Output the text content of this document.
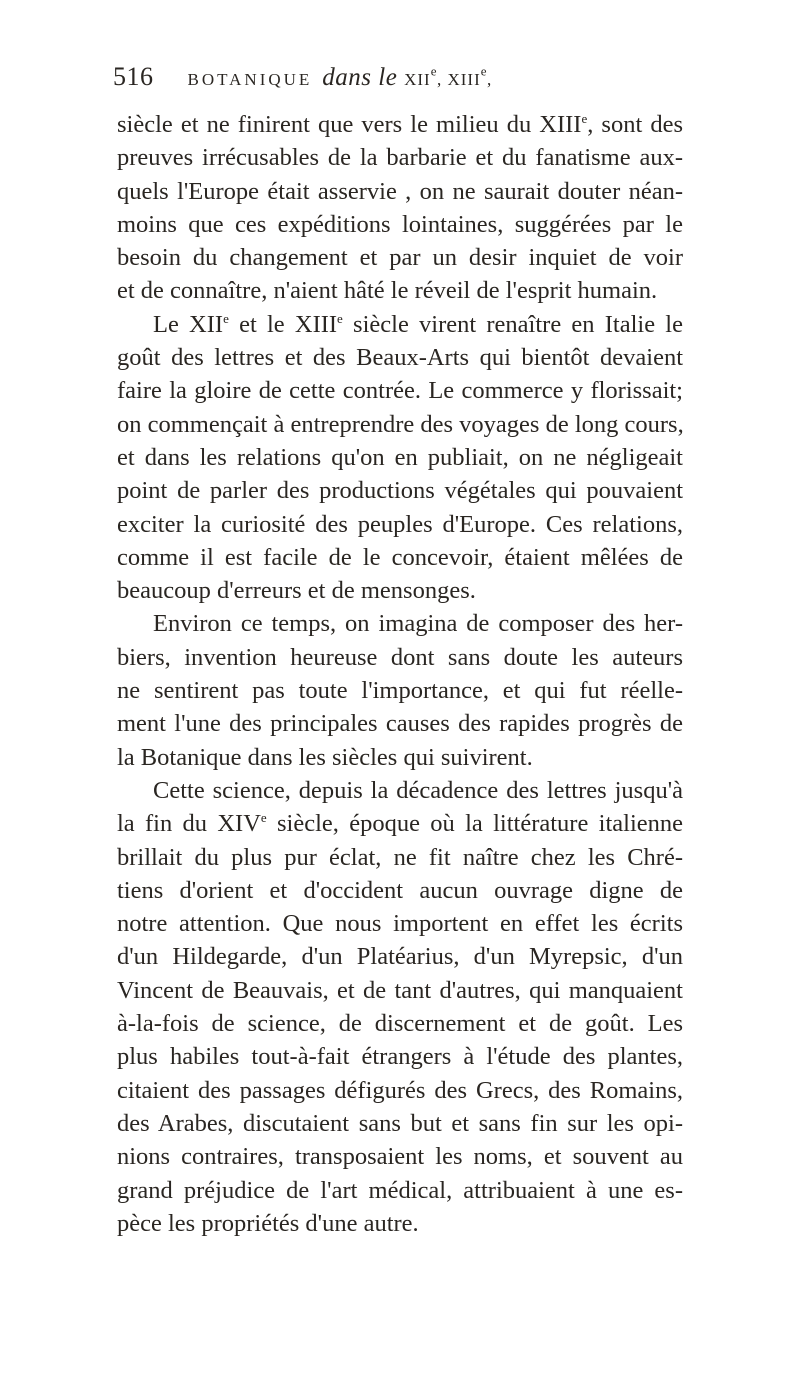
516 BOTANIQUE dans le XIIe, XIIIe,
siècle et ne finirent que vers le milieu du XIIIe, sont des
preuves irrécusables de la barbarie et du fanatisme aux-
quels l'Europe était asservie , on ne saurait douter néan-
moins que ces expéditions lointaines, suggérées par le
besoin du changement et par un desir inquiet de voir
et de connaître, n'aient hâté le réveil de l'esprit humain.
Le XIIe et le XIIIe siècle virent renaître en Italie le
goût des lettres et des Beaux-Arts qui bientôt devaient
faire la gloire de cette contrée. Le commerce y florissait;
on commençait à entreprendre des voyages de long cours,
et dans les relations qu'on en publiait, on ne négligeait
point de parler des productions végétales qui pouvaient
exciter la curiosité des peuples d'Europe. Ces relations,
comme il est facile de le concevoir, étaient mêlées de
beaucoup d'erreurs et de mensonges.
Environ ce temps, on imagina de composer des her-
biers, invention heureuse dont sans doute les auteurs
ne sentirent pas toute l'importance, et qui fut réelle-
ment l'une des principales causes des rapides progrès de
la Botanique dans les siècles qui suivirent.
Cette science, depuis la décadence des lettres jusqu'à
la fin du XIVe siècle, époque où la littérature italienne
brillait du plus pur éclat, ne fit naître chez les Chré-
tiens d'orient et d'occident aucun ouvrage digne de
notre attention. Que nous importent en effet les écrits
d'un Hildegarde, d'un Platéarius, d'un Myrepsic, d'un
Vincent de Beauvais, et de tant d'autres, qui manquaient
à-la-fois de science, de discernement et de goût. Les
plus habiles tout-à-fait étrangers à l'étude des plantes,
citaient des passages défigurés des Grecs, des Romains,
des Arabes, discutaient sans but et sans fin sur les opi-
nions contraires, transposaient les noms, et souvent au
grand préjudice de l'art médical, attribuaient à une es-
pèce les propriétés d'une autre.
